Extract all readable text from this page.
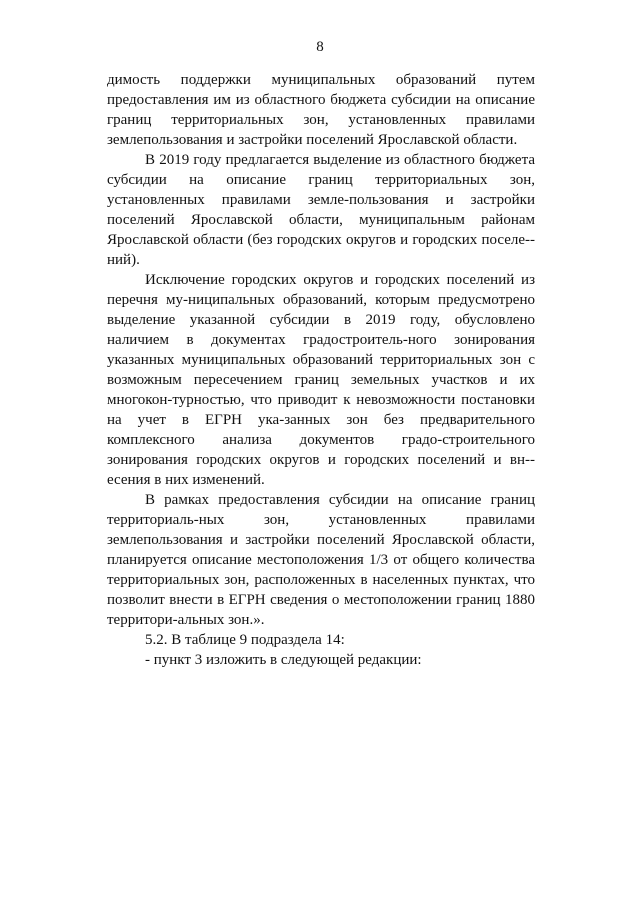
8

димость поддержки муниципальных образований путем предоставления им из областного бюджета субсидии на описание границ территориальных зон, установленных правилами землепользования и застройки поселений Ярославской области.

В 2019 году предлагается выделение из областного бюджета субсидии на описание границ территориальных зон, установленных правилами земле-пользования и застройки поселений Ярославской области, муниципальным районам Ярославской области (без городских округов и городских поселе-ний).

Исключение городских округов и городских поселений из перечня му-ниципальных образований, которым предусмотрено выделение указанной субсидии в 2019 году, обусловлено наличием в документах градостроитель-ного зонирования указанных муниципальных образований территориальных зон с возможным пересечением границ земельных участков и их многокон-турностью, что приводит к невозможности постановки на учет в ЕГРН ука-занных зон без предварительного комплексного анализа документов градо-строительного зонирования городских округов и городских поселений и вн-есения в них изменений.

В рамках предоставления субсидии на описание границ территориаль-ных зон, установленных правилами землепользования и застройки поселений Ярославской области, планируется описание местоположения 1/3 от общего количества территориальных зон, расположенных в населенных пунктах, что позволит внести в ЕГРН сведения о местоположении границ 1880 территори-альных зон.».

5.2. В таблице 9 подраздела 14:

- пункт 3 изложить в следующей редакции:
